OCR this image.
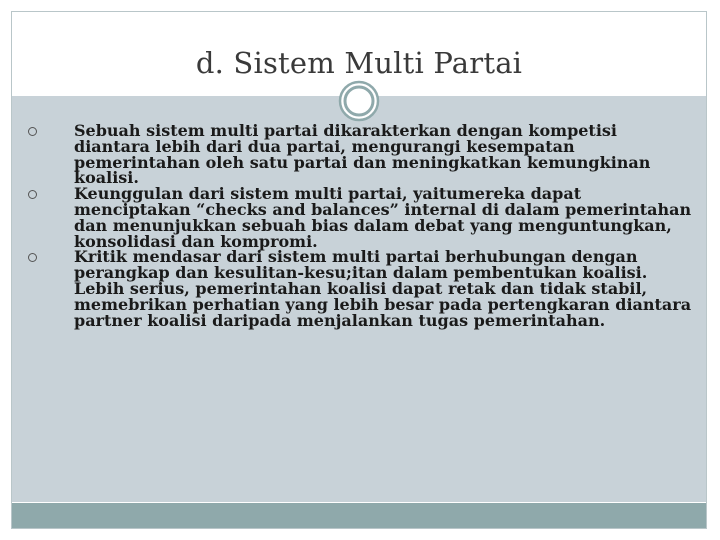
d. Sistem Multi Partai
Sebuah sistem multi partai dikarakterkan dengan kompetisi diantara lebih dari dua partai, mengurangi kesempatan pemerintahan oleh satu partai dan meningkatkan kemungkinan koalisi.
Keunggulan dari sistem multi partai, yaitumereka dapat menciptakan “checks and balances” internal di dalam pemerintahan dan menunjukkan sebuah bias dalam debat yang menguntungkan, konsolidasi dan kompromi.
Kritik mendasar dari sistem multi partai berhubungan dengan perangkap dan kesulitan-kesu;itan dalam pembentukan koalisi. Lebih serius, pemerintahan koalisi dapat retak dan tidak stabil, memebrikan perhatian yang lebih besar pada pertengkaran diantara partner koalisi daripada menjalankan tugas pemerintahan.
